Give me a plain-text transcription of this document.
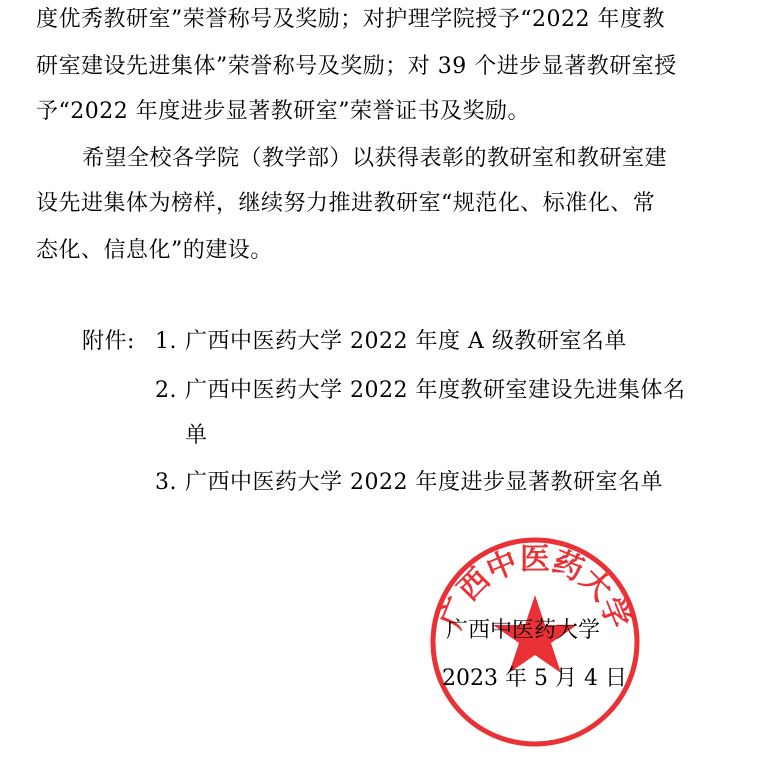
度优秀教研室”荣誉称号及奖励；对护理学院授予“2022 年度教
研室建设先进集体”荣誉称号及奖励；对 39 个进步显著教研室授
予“2022 年度进步显著教研室”荣誉证书及奖励。
希望全校各学院（教学部）以获得表彰的教研室和教研室建
设先进集体为榜样，继续努力推进教研室“规范化、标准化、常
态化、信息化”的建设。
附件: 1. 广西中医药大学 2022 年度 A 级教研室名单
2. 广西中医药大学 2022 年度教研室建设先进集体名
单
3. 广西中医药大学 2022 年度进步显著教研室名单
广西中医药大学
广西中医药大学
2023 年 5 月 4 日
